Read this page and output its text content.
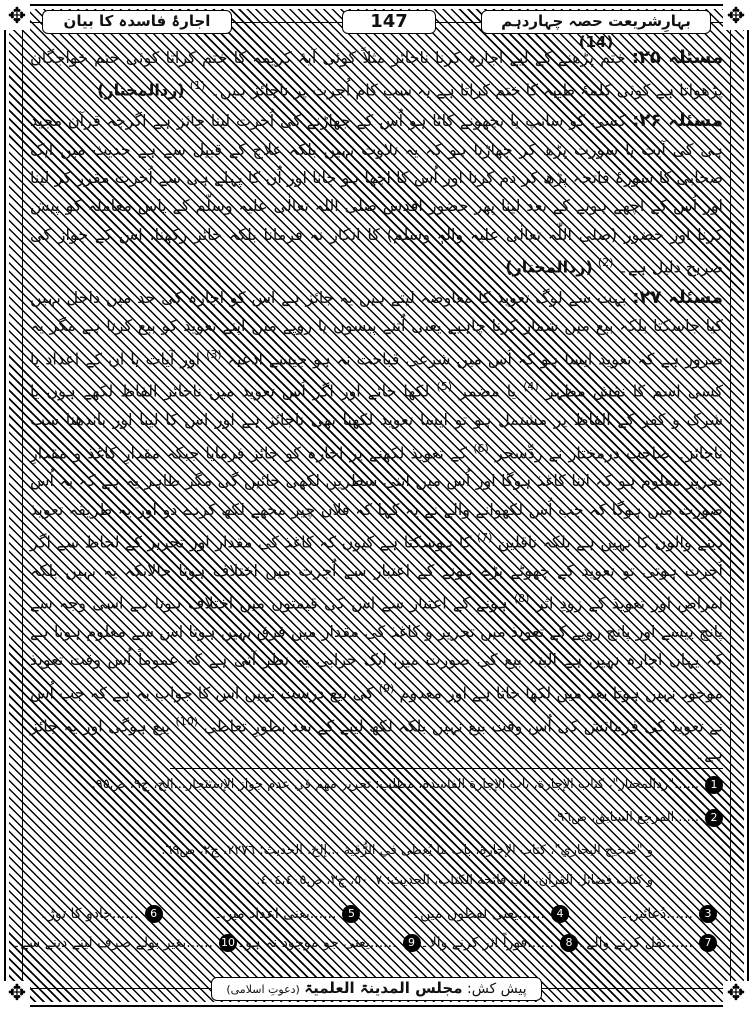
✥	✥
✥	✥
بہارِشریعت حصہ چہاردہم (14)
147
اجارۂ فاسدہ کا بیان

مسئلہ ۲۵: ختم پڑھنے کے لیے اجارہ کرنا ناجائز مثلاً کوئی آیۂ کریمہ کا ختم کراتا کوئی ختم خواجگان پڑھواتا ہے کوئی کلمۂ طیبہ کا ختم کراتا ہے یہ سب کام اُجرت پر ناجائز ہیں۔ $^{(1)}$ (ردالمحتار)

مسئلہ ۲۶: کسی کو سانپ یا بچھونے کاٹا ہو اُس کے جھاڑنے کی اُجرت لینا جائز ہے اگرچہ قرآن مجید ہی کی آیت یا سورت پڑھ کر جھاڑنا ہو کہ یہ تلاوت نہیں بلکہ علاج کے قبیل سے ہے حدیث میں ایک صحابی کا سورۂ فاتحہ پڑھ کر دم کرنا اور اُس کا اچھا ہو جانا اور اُن کا پہلے ہی سے اُجرت مقرر کر لینا اور اُس کے اچھے ہونے کے بعد لینا پھر حضور اقدس صلی اللہ تعالٰی علیہ وسلّم کے پاس معاملہ کو پیش کرنا اور حضور (صلی اللّٰہ تعالٰی علیہ والہٖ وسلم) کا انکار نہ فرمانا بلکہ جائز رکھنا، اس کے جواز کی صریح دلیل ہے۔ $^{(2)}$ (ردالمحتار)

مسئلہ ۲۷: بہت سے لوگ تعویذ کا معاوضہ لیتے ہیں یہ جائز ہے اس کو اجارہ کی حد میں داخل نہیں کیا جاسکتا بلکہ بیع میں شمار کرنا چاہیے یعنی اُتنے پیسوں یا روپے میں اپنے تعویذ کو بیع کرتا ہے مگر یہ ضرور ہے کہ تعویذ ایسا ہو کہ اُس میں شرعی قباحت نہ ہو جیسے ادعیہ $^{(3)}$ اور آیات یا ان کے اعداد یا کسی اسم کا نقش مظہر $^{(4)}$ یا مضمر $^{(5)}$ لکھا جائے اور اگر اُس تعویذ میں ناجائز الفاظ لکھے ہوں یا شرک و کفر کے الفاظ پر مشتمل ہو تو ایسا تعویذ لکھنا بھی ناجائز ہے اور اس کا لینا اور باندھنا سب ناجائز۔ صاحب درمختار نے ردِّسحر $^{(6)}$ کے تعویذ لکھنے پر اجارہ کو جائز فرمایا جبکہ مقدارِ کاغذ و مقدارِ تحریر معلوم ہو کہ اتنا کاغذ ہوگا اور اُس میں اتنی سطریں لکھی جائیں گی مگر ظاہر یہ ہے کہ یہ اُس صورت میں ہوگا کہ جب اُس لکھوانے والے نے یہ کہا کہ فلاں چیز مجھے لکھ کردے دو اور یہ طریقہ تعویذ دینے والوں کا نہیں ہے بلکہ ناقلین $^{(7)}$ کا ہوسکتا ہے کیوں کہ کاغذ کی مقدار اور تحریر کے لحاظ سے اگر اُجرت ہوتی تو تعویذ کے چھوٹے بڑے ہونے کے اعتبار سے اُجرت میں اختلاف ہوتا حالانکہ یہ نہیں بلکہ امراض اور تعویذ کے زودِ اثر $^{(8)}$ ہونے کے اعتبار سے اس کی قیمتوں میں اختلاف ہوتا ہے اسی وجہ سے پانچ پیسے اور پانچ روپے کے تعویذ میں تحریر و کاغذ کی مقدار میں فرق نہیں ہوتا اس سے معلوم ہوتا ہے کہ یہاں اجارہ نہیں ہے البتہ بیع کی صورت میں ایک خرابی یہ نظر آتی ہے کہ عموماً اُس وقت تعویذ موجود نہیں ہوتا بعد میں لکھا جاتا ہے اور معدوم $^{(9)}$ کی بیع درست نہیں اس کا جواب یہ ہے کہ جب اُس نے تعویذ کی فرمائش کی اُس وقت بیع نہیں بلکہ لکھ لینے کے بعد بطورِ تعاطی $^{(10)}$ بیع ہوگی اور یہ جائز ہے۔

1......"ردالمحتار"، كتاب الإجارة، باب الإجارة الفاسدة، مطلب: تحرير مهم في عدم جواز الإستئجار...إلخ، ج٩، ص٩٥.
2......المرجع السابق، ص٩٦.
و "صحيح البخاري"، كتاب الإجارة، باب ما يُعطى في الرُّقية ...إلخ، الحديث: ٢٢٧٦، ج٢، ص٦٩.
و كتاب فضائل القرآن، باب فاتحة الكتاب، الحديث: ٥٠٠٧، ج٣، ص٤٠٤،٤٠٥.
3
......دُعائیں۔
4
......یعنی لفظوں میں۔
5
......یعنی اعداد میں۔
6
......جادو کا توڑ۔
7
......نقل کرنے والے۔
8
......فوراً اثر کرنے والا۔
9
......یعنی جو موجود نہ ہو۔
10
......بغیر بولے صرف لینے دینے سے۔
پیش کش: مجلس المدینۃ العلمیۃ (دعوتِ اسلامی)
